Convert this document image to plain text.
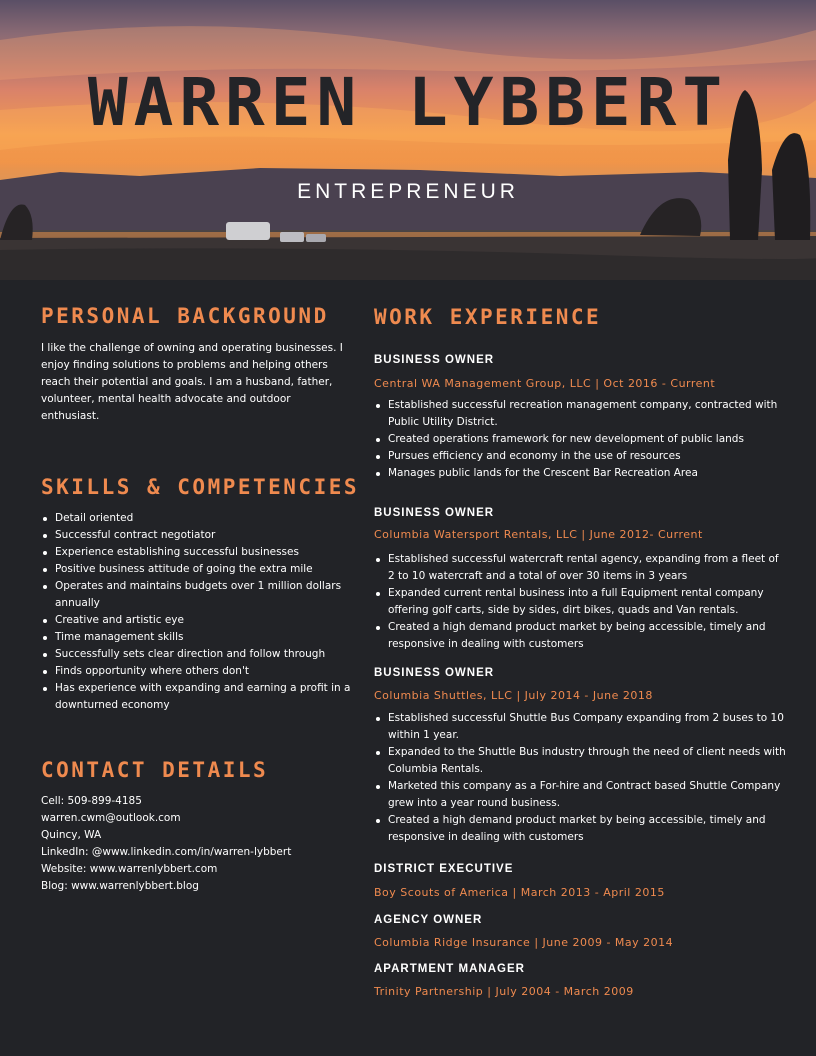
WARREN LYBBERT
ENTREPRENEUR
PERSONAL BACKGROUND
I like the challenge of owning and operating businesses. I enjoy finding solutions to problems and helping others reach their potential and goals. I am a husband, father, volunteer, mental health advocate and outdoor enthusiast.
SKILLS & COMPETENCIES
Detail oriented
Successful contract negotiator
Experience establishing successful businesses
Positive business attitude of going the extra mile
Operates and maintains budgets over 1 million dollars annually
Creative and artistic eye
Time management skills
Successfully sets clear direction and follow through
Finds opportunity where others don't
Has experience with expanding and earning a profit in a downturned economy
CONTACT DETAILS
Cell: 509-899-4185
warren.cwm@outlook.com
Quincy, WA
LinkedIn: @www.linkedin.com/in/warren-lybbert
Website: www.warrenlybbert.com
Blog: www.warrenlybbert.blog
WORK EXPERIENCE
BUSINESS OWNER
Central WA Management Group, LLC | Oct 2016 - Current
Established successful recreation management company, contracted with Public Utility District.
Created operations framework for new development of public lands
Pursues efficiency and economy in the use of resources
Manages public lands for the Crescent Bar Recreation Area
BUSINESS OWNER
Columbia Watersport Rentals, LLC | June 2012- Current
Established successful watercraft rental agency, expanding from a fleet of 2 to 10 watercraft and a total of over 30 items in 3 years
Expanded current rental business into a full Equipment rental company offering golf carts, side by sides, dirt bikes, quads and Van rentals.
Created a high demand product market by being accessible, timely and responsive in dealing with customers
BUSINESS OWNER
Columbia Shuttles, LLC | July 2014 - June 2018
Established successful Shuttle Bus Company expanding from 2 buses to 10 within 1 year.
Expanded to the Shuttle Bus industry through the need of client needs with Columbia Rentals.
Marketed this company as a For-hire and Contract based Shuttle Company grew into a year round business.
Created a high demand product market by being accessible, timely and responsive in dealing with customers
DISTRICT EXECUTIVE
Boy Scouts of America | March 2013 - April 2015
AGENCY OWNER
Columbia Ridge Insurance | June 2009 - May 2014
APARTMENT MANAGER
Trinity Partnership | July 2004 - March 2009
